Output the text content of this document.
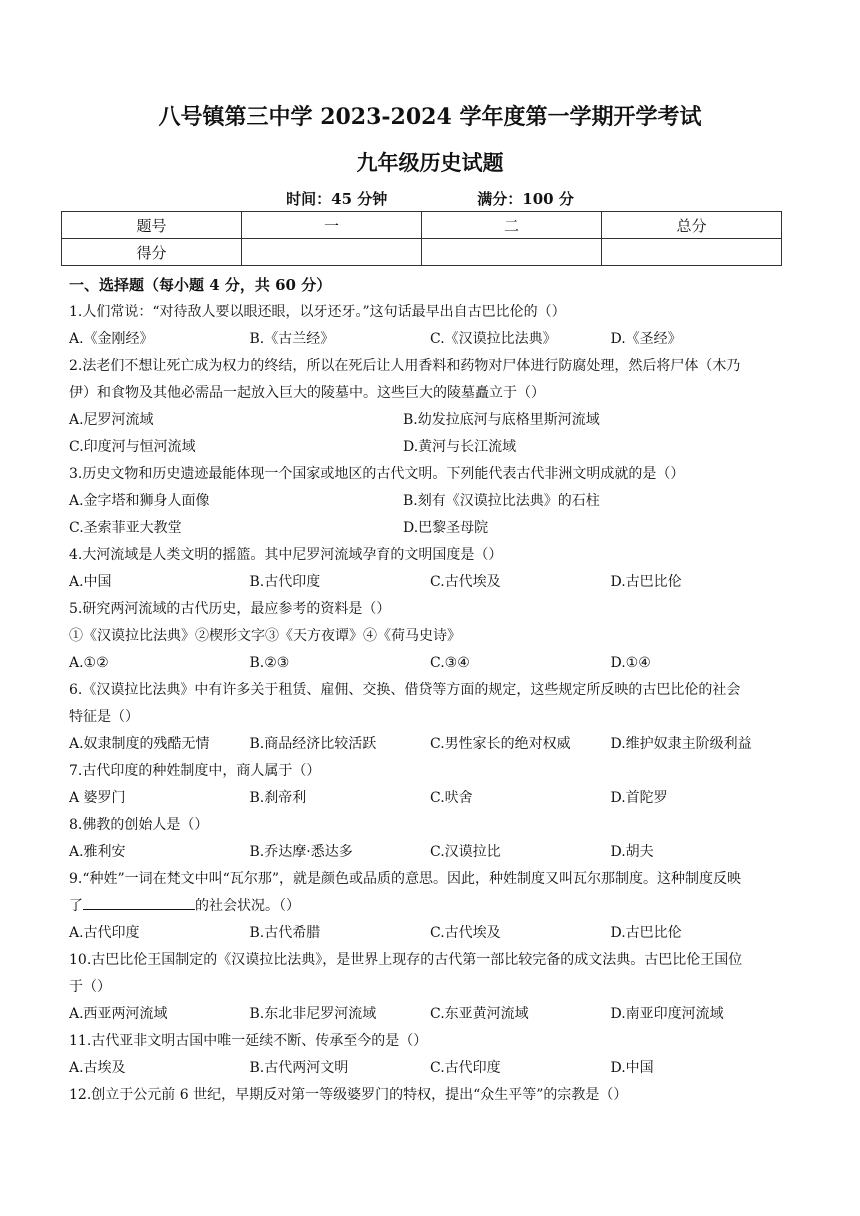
八号镇第三中学 2023-2024 学年度第一学期开学考试
九年级历史试题
时间：45 分钟	满分：100 分
题号	一	二	总分
得分			
一、选择题（每小题 4 分，共 60 分）
1.人们常说：“对待敌人要以眼还眼，以牙还牙。”这句话最早出自古巴比伦的（）
A.《金刚经》	B.《古兰经》	C.《汉谟拉比法典》	D.《圣经》
2.法老们不想让死亡成为权力的终结，所以在死后让人用香料和药物对尸体进行防腐处理，然后将尸体（木乃
伊）和食物及其他必需品一起放入巨大的陵墓中。这些巨大的陵墓矗立于（）
A.尼罗河流域	B.幼发拉底河与底格里斯河流域
C.印度河与恒河流域	D.黄河与长江流域
3.历史文物和历史遗迹最能体现一个国家或地区的古代文明。下列能代表古代非洲文明成就的是（）
A.金字塔和狮身人面像	B.刻有《汉谟拉比法典》的石柱
C.圣索菲亚大教堂	D.巴黎圣母院
4.大河流域是人类文明的摇篮。其中尼罗河流域孕育的文明国度是（）
A.中国	B.古代印度	C.古代埃及	D.古巴比伦
5.研究两河流域的古代历史，最应参考的资料是（）
①《汉谟拉比法典》②楔形文字③《天方夜谭》④《荷马史诗》
A.①②	B.②③	C.③④	D.①④
6.《汉谟拉比法典》中有许多关于租赁、雇佣、交换、借贷等方面的规定，这些规定所反映的古巴比伦的社会
特征是（）
A.奴隶制度的残酷无情	B.商品经济比较活跃	C.男性家长的绝对权威	D.维护奴隶主阶级利益
7.古代印度的种姓制度中，商人属于（）
A 婆罗门	B.刹帝利	C.吠舍	D.首陀罗
8.佛教的创始人是（）
A.雅利安	B.乔达摩·悉达多	C.汉谟拉比	D.胡夫
9.“种姓”一词在梵文中叫“瓦尔那”，就是颜色或品质的意思。因此，种姓制度又叫瓦尔那制度。这种制度反映
了	的社会状况。（）
A.古代印度	B.古代希腊	C.古代埃及	D.古巴比伦
10.古巴比伦王国制定的《汉谟拉比法典》，是世界上现存的古代第一部比较完备的成文法典。古巴比伦王国位
于（）
A.西亚两河流域	B.东北非尼罗河流域	C.东亚黄河流域	D.南亚印度河流域
11.古代亚非文明古国中唯一延续不断、传承至今的是（）
A.古埃及	B.古代两河文明	C.古代印度	D.中国
12.创立于公元前 6 世纪，早期反对第一等级婆罗门的特权，提出“众生平等”的宗教是（）
